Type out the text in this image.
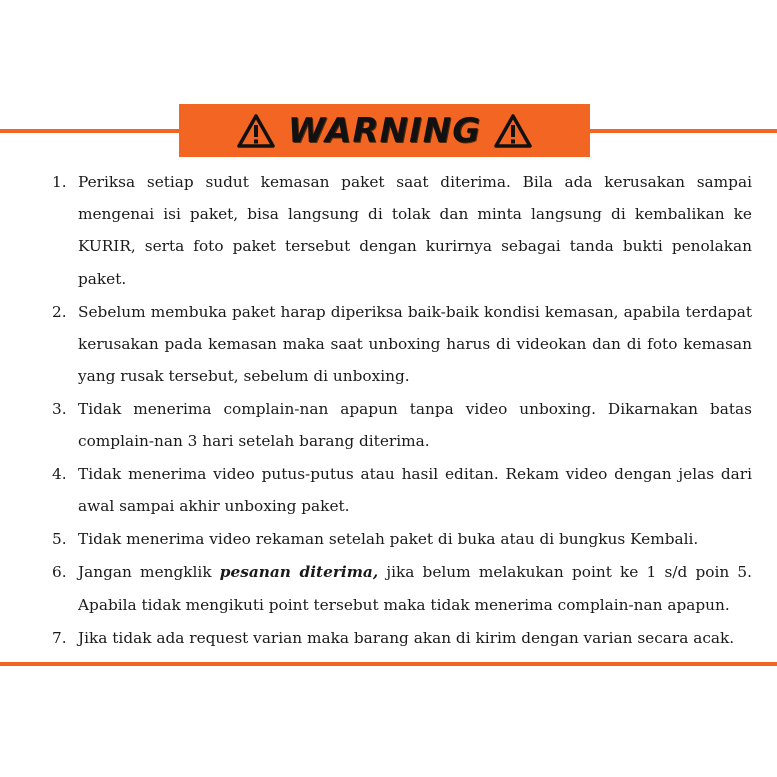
WARNING
1. Periksa setiap sudut kemasan paket saat diterima. Bila ada kerusakan sampai mengenai isi paket, bisa langsung di tolak dan minta langsung di kembalikan ke KURIR, serta foto paket tersebut dengan kurirnya sebagai tanda bukti penolakan paket.
2. Sebelum membuka paket harap diperiksa baik-baik kondisi kemasan, apabila terdapat kerusakan pada kemasan maka saat unboxing harus di videokan dan di foto kemasan yang rusak tersebut, sebelum di unboxing.
3. Tidak menerima complain-nan apapun tanpa video unboxing. Dikarnakan batas complain-nan 3 hari setelah barang diterima.
4. Tidak menerima video putus-putus atau hasil editan. Rekam video dengan jelas dari awal sampai akhir unboxing paket.
5. Tidak menerima video rekaman setelah paket di buka atau di bungkus Kembali.
6. Jangan mengklik pesanan diterima, jika belum melakukan point ke 1 s/d poin 5. Apabila tidak mengikuti point tersebut maka tidak menerima complain-nan apapun.
7. Jika tidak ada request varian maka barang akan di kirim dengan varian secara acak.
